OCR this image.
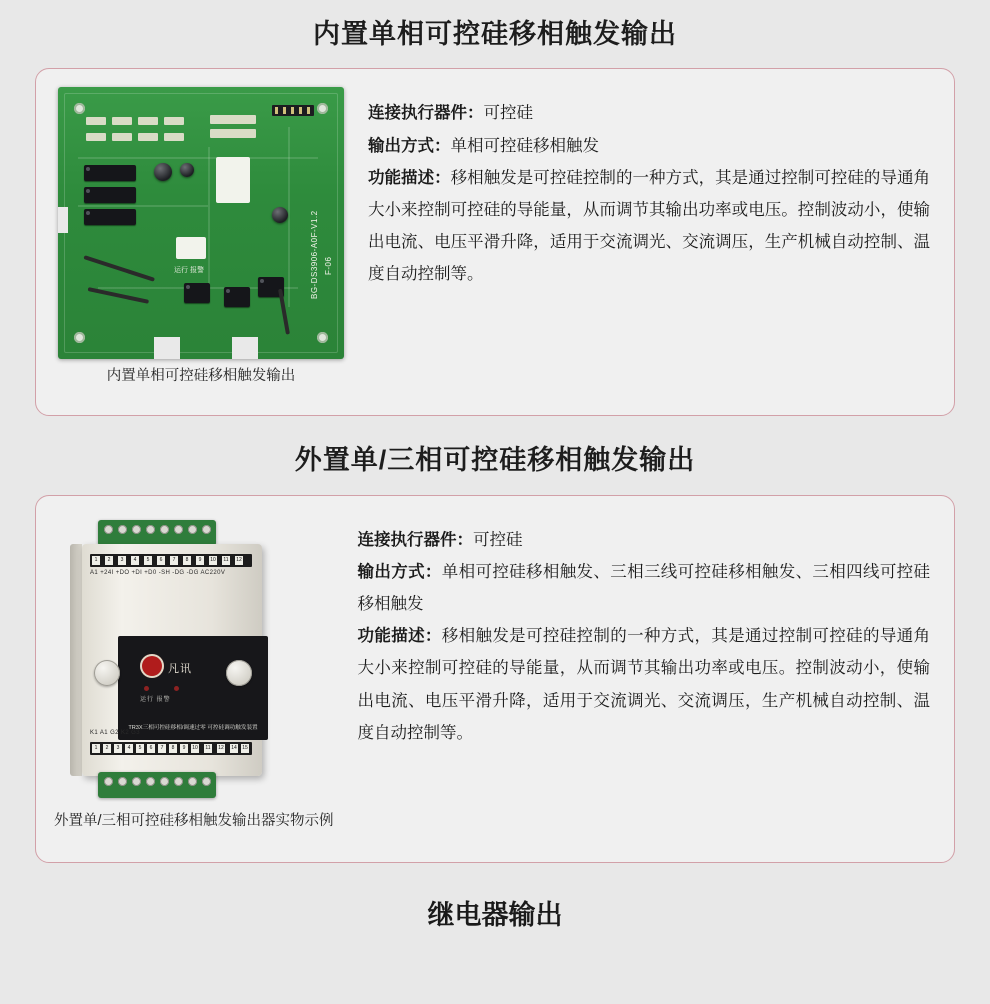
内置单相可控硅移相触发输出
BG-DS3906-A0F-V1.2 F-06
运行 报警
内置单相可控硅移相触发输出
连接执行器件：可控硅
输出方式：单相可控硅移相触发
功能描述：移相触发是可控硅控制的一种方式，其是通过控制可控硅的导通角大小来控制可控硅的导能量，从而调节其输出功率或电压。控制波动小，使输出电流、电压平滑升降，适用于交流调光、交流调压，生产机械自动控制、温度自动控制等。
外置单/三相可控硅移相触发输出
1	2	3	4	5	6	7	8	9	10 11 12
A1 +24I +DO +DI +D0 -SH -DG -DG AC220V
凡讯
运行 报警
TR3X三相可控硅移相/调速过零 可控硅调功触发装置
K1 A1 G2 K2 G3
1	2	3	4	5	6	7	8	9	10 11 12 14 15
外置单/三相可控硅移相触发输出器实物示例
连接执行器件：可控硅
输出方式：单相可控硅移相触发、三相三线可控硅移相触发、三相四线可控硅移相触发
功能描述：移相触发是可控硅控制的一种方式，其是通过控制可控硅的导通角大小来控制可控硅的导能量，从而调节其输出功率或电压。控制波动小，使输出电流、电压平滑升降，适用于交流调光、交流调压，生产机械自动控制、温度自动控制等。
继电器输出
